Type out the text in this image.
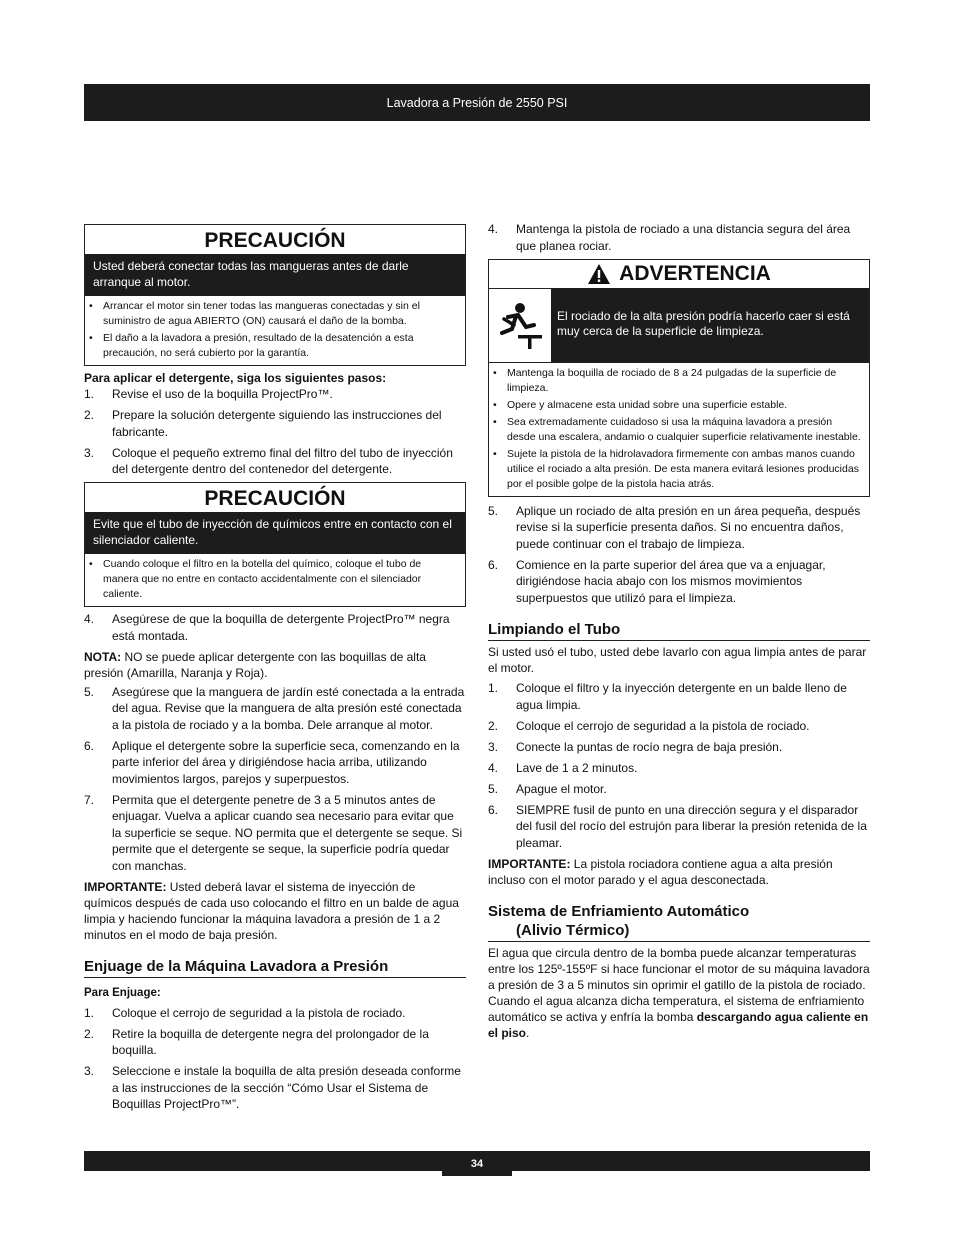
Lavadora a Presión de 2550 PSI
PRECAUCIÓN
Usted deberá conectar todas las mangueras antes de darle arranque al motor.
• Arrancar el motor sin tener todas las mangueras conectadas y sin el suministro de agua ABIERTO (ON) causará el daño de la bomba.
• El daño a la lavadora a presión, resultado de la desatención a esta precaución, no será cubierto por la garantía.
Para aplicar el detergente, siga los siguientes pasos:
1.	Revise el uso de la boquilla ProjectPro™.
2.	Prepare la solución detergente siguiendo las instrucciones del fabricante.
3.	Coloque el pequeño extremo final del filtro del tubo de inyección del detergente dentro del contenedor del detergente.
PRECAUCIÓN
Evite que el tubo de inyección de químicos entre en contacto con el silenciador caliente.
• Cuando coloque el filtro en la botella del químico, coloque el tubo de manera que no entre en contacto accidentalmente con el silenciador caliente.
4.	Asegúrese de que la boquilla de detergente ProjectPro™ negra está montada.
NOTA: NO se puede aplicar detergente con las boquillas de alta presión (Amarilla, Naranja y Roja).
5.	Asegúrese que la manguera de jardín esté conectada a la entrada del agua. Revise que la manguera de alta presión esté conectada a la pistola de rociado y a la bomba. Dele arranque al motor.
6.	Aplique el detergente sobre la superficie seca, comenzando en la parte inferior del área y dirigiéndose hacia arriba, utilizando movimientos largos, parejos y superpuestos.
7.	Permita que el detergente penetre de 3 a 5 minutos antes de enjuagar. Vuelva a aplicar cuando sea necesario para evitar que la superficie se seque. NO permita que el detergente se seque. Si permite que el detergente se seque, la superficie podría quedar con manchas.
IMPORTANTE: Usted deberá lavar el sistema de inyección de químicos después de cada uso colocando el filtro en un balde de agua limpia y haciendo funcionar la máquina lavadora a presión de 1 a 2 minutos en el modo de baja presión.
Enjuage de la Máquina Lavadora a Presión
Para Enjuage:
1.	Coloque el cerrojo de seguridad a la pistola de rociado.
2.	Retire la boquilla de detergente negra del prolongador de la boquilla.
3.	Seleccione e instale la boquilla de alta presión deseada conforme a las instrucciones de la sección “Cómo Usar el Sistema de Boquillas ProjectPro™”.
4.	Mantenga la pistola de rociado a una distancia segura del área que planea rociar.
ADVERTENCIA
El rociado de la alta presión podría hacerlo caer si está muy cerca de la superficie de limpieza.
• Mantenga la boquilla de rociado de 8 a 24 pulgadas de la superficie de limpieza.
• Opere y almacene esta unidad sobre una superficie estable.
• Sea extremadamente cuidadoso si usa la máquina lavadora a presión desde una escalera, andamio o cualquier superficie relativamente inestable.
• Sujete la pistola de la hidrolavadora firmemente con ambas manos cuando utilice el rociado a alta presión. De esta manera evitará lesiones producidas por el posible golpe de la pistola hacia atrás.
5.	Aplique un rociado de alta presión en un área pequeña, después revise si la superficie presenta daños. Si no encuentra daños, puede continuar con el trabajo de limpieza.
6.	Comience en la parte superior del área que va a enjuagar, dirigiéndose hacia abajo con los mismos movimientos superpuestos que utilizó para el limpieza.
Limpiando el Tubo
Si usted usó el tubo, usted debe lavarlo con agua limpia antes de parar el motor.
1.	Coloque el filtro y la inyección detergente en un balde lleno de agua limpia.
2.	Coloque el cerrojo de seguridad a la pistola de rociado.
3.	Conecte la puntas de rocío negra de baja presión.
4.	Lave de 1 a 2 minutos.
5.	Apague el motor.
6.	SIEMPRE fusil de punto en una dirección segura y el disparador del fusil del rocío del estrujón para liberar la presión retenida de la pleamar.
IMPORTANTE: La pistola rociadora contiene agua a alta presión incluso con el motor parado y el agua desconectada.
Sistema de Enfriamiento Automático
(Alivio Térmico)
El agua que circula dentro de la bomba puede alcanzar temperaturas entre los 125º-155ºF si hace funcionar el motor de su máquina lavadora a presión de 3 a 5 minutos sin oprimir el gatillo de la pistola de rociado. Cuando el agua alcanza dicha temperatura, el sistema de enfriamiento automático se activa y enfría la bomba descargando agua caliente en el piso.
34
